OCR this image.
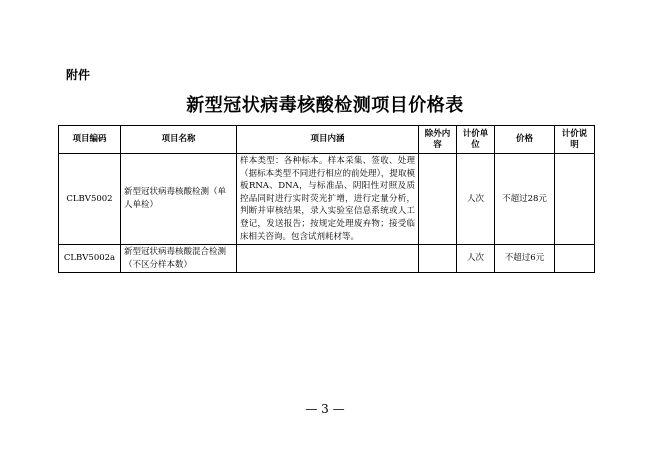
附件
新型冠状病毒核酸检测项目价格表
项目编码	项目名称	项目内涵	除外内容	计价单位	价格	计价说明
CLBV5002	新型冠状病毒核酸检测（单人单检）	样本类型：各种标本。样本采集、签收、处理（据标本类型不同进行相应的前处理），提取模板RNA、DNA，与标准品、阴阳性对照及质控品同时进行实时荧光扩增，进行定量分析，判断并审核结果，录入实验室信息系统或人工登记，发送报告；按规定处理废弃物；接受临床相关咨询。包含试剂耗材等。		人次	不超过28元	
CLBV5002a	新型冠状病毒核酸混合检测（不区分样本数）			人次	不超过6元	
— 3 —
